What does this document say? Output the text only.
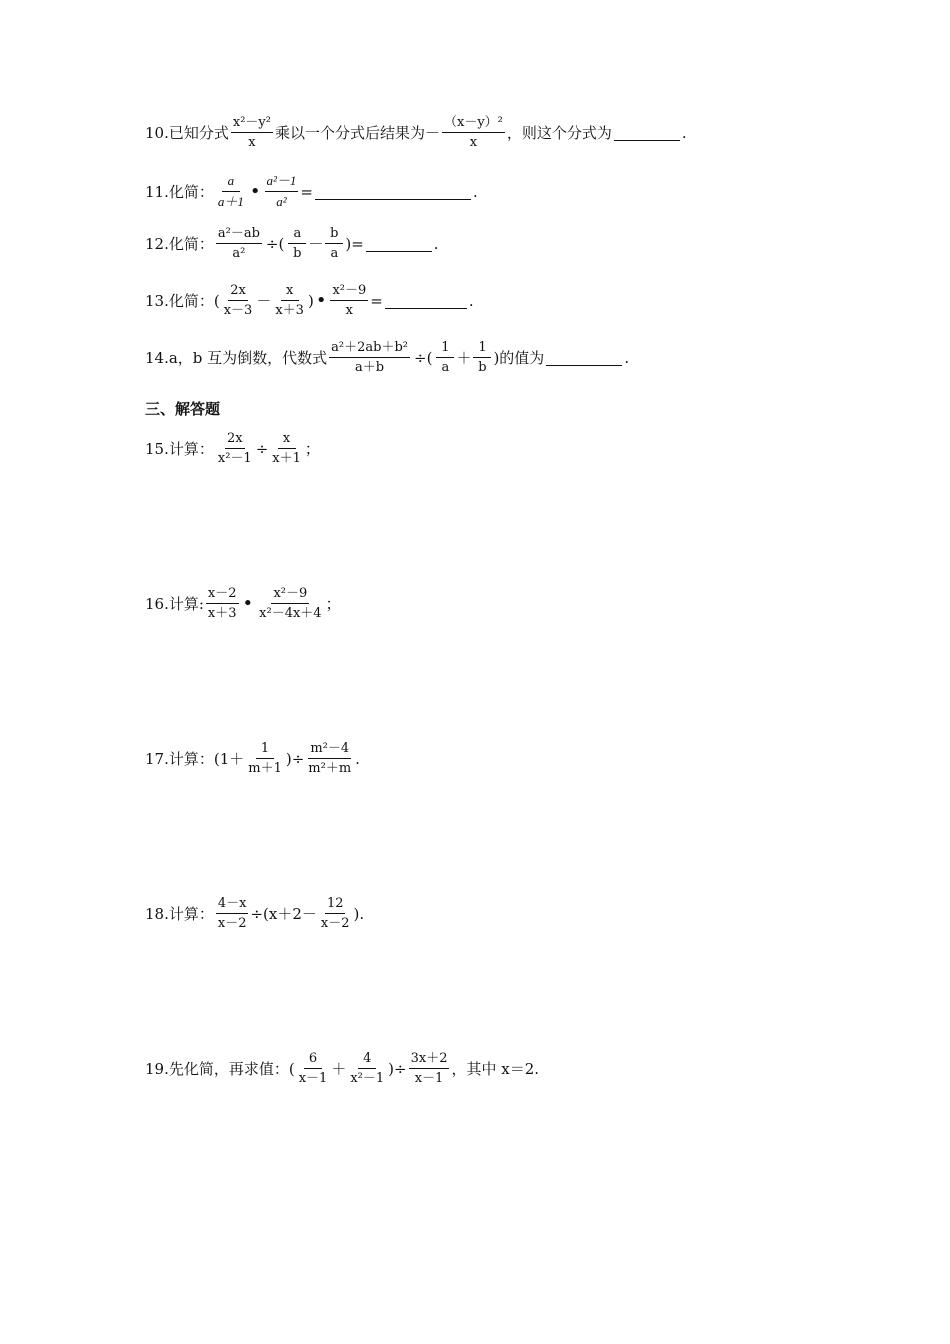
10.已知分式 $\frac{\text{x²－y²}}{x}$ 乘以一个分式后结果为－ $\frac{\text{（x－y）²}}{x}$ ，则这个分式为	.
11.化简： $\frac{a}{a+1}$ • $\frac{\text{a²－1}}{\text{a²}}$ =	.
12.化简： $\frac{\text{a²－ab}}{\text{a²}}$ ÷( $\frac{a}{b} - \frac{b}{a}$ )=	.
13.化简：( $\frac{2x}{x-3} - \frac{x}{x+3}$ ) • $\frac{\text{x²－9}}{x}$ =	.
14.a，b 互为倒数，代数式 $\frac{\text{a²＋2ab＋b²}}{a+b}$ ÷( $\frac{1}{a} + \frac{1}{b}$ )的值为	.
三、解答题
15.计算： $\frac{2x}{\text{x²－1}} \div \frac{x}{x+1}$ ；
16.计算: $\frac{x-2}{x+3}$ • $\frac{\text{x²－9}}{\text{x²－4x＋4}}$ ；
17.计算：($1+ \frac{1}{m+1}$ )÷ $\frac{\text{m²－4}}{\text{m²＋m}}$ .
18.计算： $\frac{4-x}{x-2} \div(x+2- \frac{12}{x-2}$ ).
19.先化简，再求值：( $\frac{6}{x-1} + \frac{4}{\text{x²－1}}$ )÷ $\frac{3x+2}{x-1}$ ，其中 x＝2.
